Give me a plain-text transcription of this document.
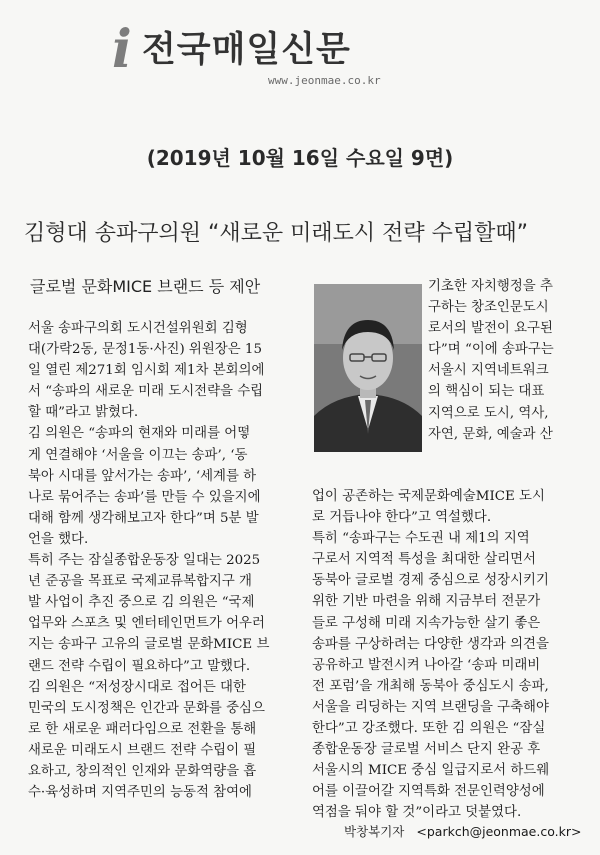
i 전국매일신문
www.jeonmae.co.kr
(2019년 10월 16일 수요일 9면)
김형대 송파구의원 “새로운 미래도시 전략 수립할때”
글로벌 문화MICE 브랜드 등 제안
서울 송파구의회 도시건설위원회 김형
대(가락2동, 문정1동·사진) 위원장은 15
일 열린 제271회 임시회 제1차 본회의에
서 “송파의 새로운 미래 도시전략을 수립
할 때”라고 밝혔다.
김 의원은 “송파의 현재와 미래를 어떻
게 연결해야 ‘서울을 이끄는 송파’, ‘동
북아 시대를 앞서가는 송파’, ‘세계를 하
나로 묶어주는 송파’를 만들 수 있을지에
대해 함께 생각해보고자 한다”며 5분 발
언을 했다.
특히 주는 잠실종합운동장 일대는 2025
년 준공을 목표로 국제교류복합지구 개
발 사업이 추진 중으로 김 의원은 “국제
업무와 스포츠 및 엔터테인먼트가 어우러
지는 송파구 고유의 글로벌 문화MICE 브
랜드 전략 수립이 필요하다”고 말했다.
김 의원은 “저성장시대로 접어든 대한
민국의 도시정책은 인간과 문화를 중심으
로 한 새로운 패러다임으로 전환을 통해
새로운 미래도시 브랜드 전략 수립이 필
요하고, 창의적인 인재와 문화역량을 흡
수·육성하며 지역주민의 능동적 참여에
기초한 자치행정을 추
구하는 창조인문도시
로서의 발전이 요구된
다”며 “이에 송파구는
서울시 지역네트워크
의 핵심이 되는 대표
지역으로 도시, 역사,
자연, 문화, 예술과 산
업이 공존하는 국제문화예술MICE 도시
로 거듭나야 한다”고 역설했다.
특히 “송파구는 수도권 내 제1의 지역
구로서 지역적 특성을 최대한 살리면서
동북아 글로벌 경제 중심으로 성장시키기
위한 기반 마련을 위해 지금부터 전문가
들로 구성해 미래 지속가능한 살기 좋은
송파를 구상하려는 다양한 생각과 의견을
공유하고 발전시켜 나아갈 ‘송파 미래비
전 포럼’을 개최해 동북아 중심도시 송파,
서울을 리딩하는 지역 브랜딩을 구축해야
한다”고 강조했다. 또한 김 의원은 “잠실
종합운동장 글로벌 서비스 단지 완공 후
서울시의 MICE 중심 일급지로서 하드웨
어를 이끌어갈 지역특화 전문인력양성에
역점을 둬야 할 것”이라고 덧붙였다.
박창복기자 <parkch@jeonmae.co.kr>
